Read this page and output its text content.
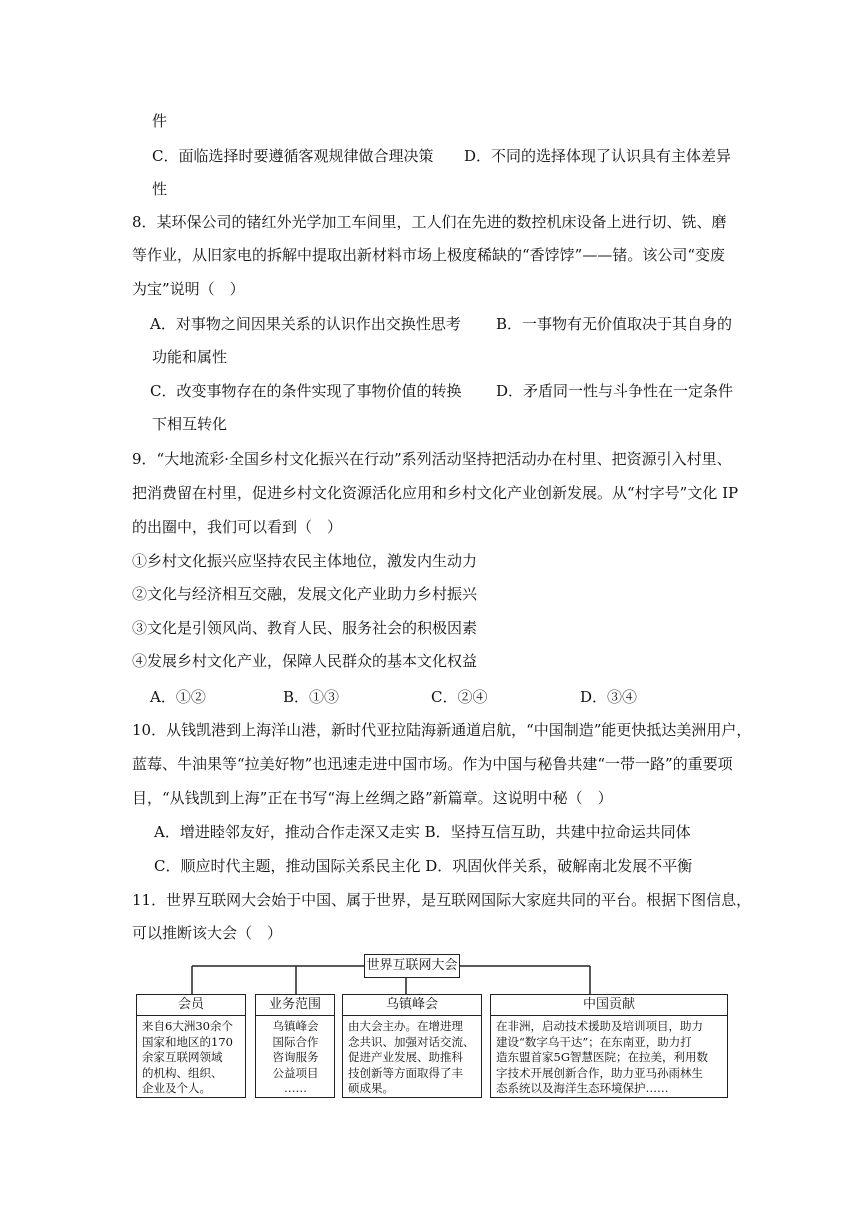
件
C．面临选择时要遵循客观规律做合理决策 D．不同的选择体现了认识具有主体差异
性
8．某环保公司的锗红外光学加工车间里，工人们在先进的数控机床设备上进行切、铣、磨
等作业，从旧家电的拆解中提取出新材料市场上极度稀缺的“香饽饽”——锗。该公司“变废
为宝”说明（　）
A．对事物之间因果关系的认识作出交换性思考 B．一事物有无价值取决于其自身的
功能和属性
C．改变事物存在的条件实现了事物价值的转换 D．矛盾同一性与斗争性在一定条件
下相互转化
9．“大地流彩·全国乡村文化振兴在行动”系列活动坚持把活动办在村里、把资源引入村里、
把消费留在村里，促进乡村文化资源活化应用和乡村文化产业创新发展。从“村字号”文化 IP
的出圈中，我们可以看到（　）
①乡村文化振兴应坚持农民主体地位，激发内生动力
②文化与经济相互交融，发展文化产业助力乡村振兴
③文化是引领风尚、教育人民、服务社会的积极因素
④发展乡村文化产业，保障人民群众的基本文化权益
A．①②	B．①③	C．②④	D．③④
10．从钱凯港到上海洋山港，新时代亚拉陆海新通道启航，“中国制造”能更快抵达美洲用户，
蓝莓、牛油果等“拉美好物”也迅速走进中国市场。作为中国与秘鲁共建“一带一路”的重要项
目，“从钱凯到上海”正在书写“海上丝绸之路”新篇章。这说明中秘（　）
A．增进睦邻友好，推动合作走深又走实 B．坚持互信互助，共建中拉命运共同体
C．顺应时代主题，推动国际关系民主化 D．巩固伙伴关系，破解南北发展不平衡
11．世界互联网大会始于中国、属于世界，是互联网国际大家庭共同的平台。根据下图信息，
可以推断该大会（　）
世界互联网大会
会员
来自6大洲30余个
国家和地区的170
余家互联网领域
的机构、组织、
企业及个人。
业务范围
乌镇峰会
国际合作
咨询服务
公益项目
……
乌镇峰会
由大会主办。在增进理
念共识、加强对话交流、
促进产业发展、助推科
技创新等方面取得了丰
硕成果。
中国贡献
在非洲，启动技术援助及培训项目，助力
建设“数字乌干达”；在东南亚，助力打
造东盟首家5G智慧医院；在拉美，利用数
字技术开展创新合作，助力亚马孙雨林生
态系统以及海洋生态环境保护……
